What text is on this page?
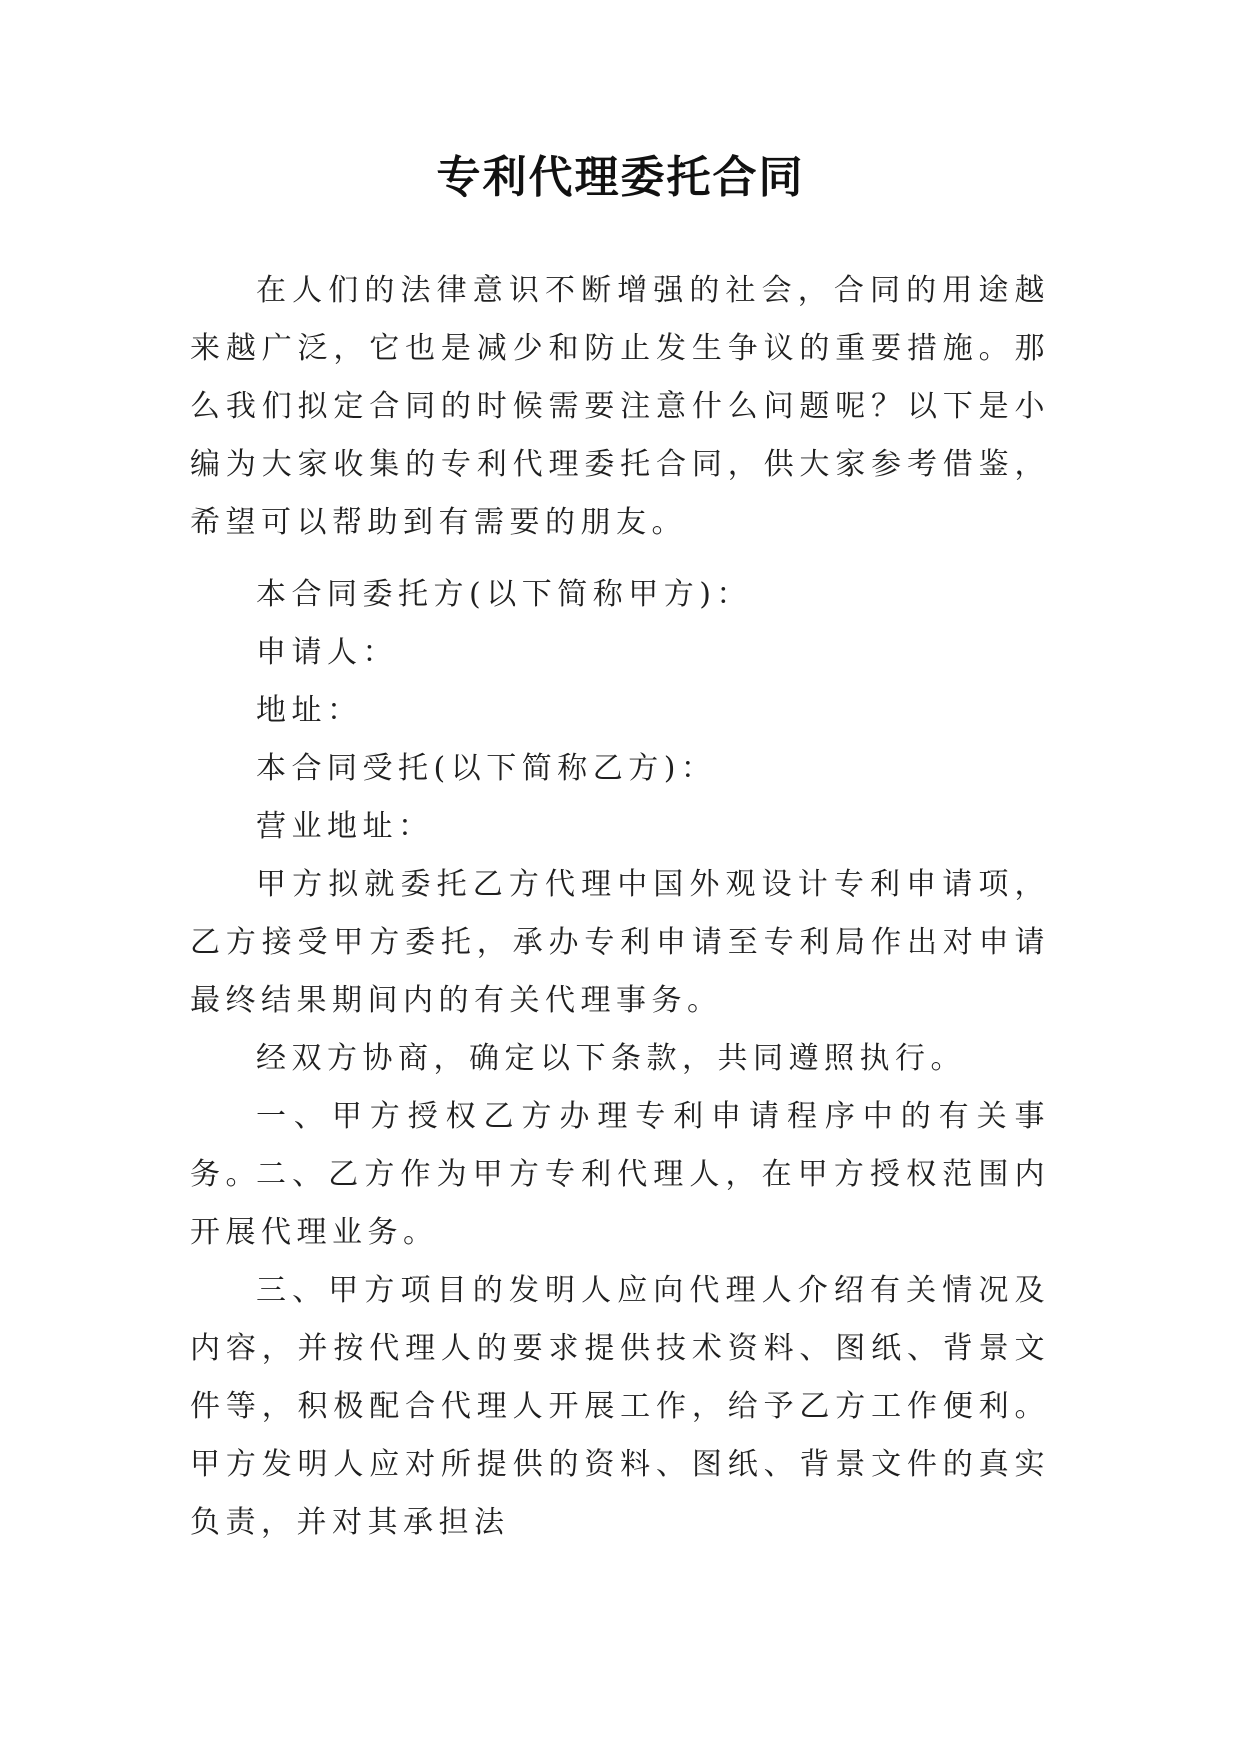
专利代理委托合同

在人们的法律意识不断增强的社会，合同的用途越来越广泛，它也是减少和防止发生争议的重要措施。那么我们拟定合同的时候需要注意什么问题呢？以下是小编为大家收集的专利代理委托合同，供大家参考借鉴，希望可以帮助到有需要的朋友。

本合同委托方(以下简称甲方)：

申请人：

地址：

本合同受托(以下简称乙方)：

营业地址：

甲方拟就委托乙方代理中国外观设计专利申请项，乙方接受甲方委托，承办专利申请至专利局作出对申请最终结果期间内的有关代理事务。

经双方协商，确定以下条款，共同遵照执行。

一、甲方授权乙方办理专利申请程序中的有关事务。

二、乙方作为甲方专利代理人，在甲方授权范围内开展代理业务。

三、甲方项目的发明人应向代理人介绍有关情况及内容，并按代理人的要求提供技术资料、图纸、背景文件等，积极配合代理人开展工作，给予乙方工作便利。甲方发明人应对所提供的资料、图纸、背景文件的真实负责，并对其承担法
